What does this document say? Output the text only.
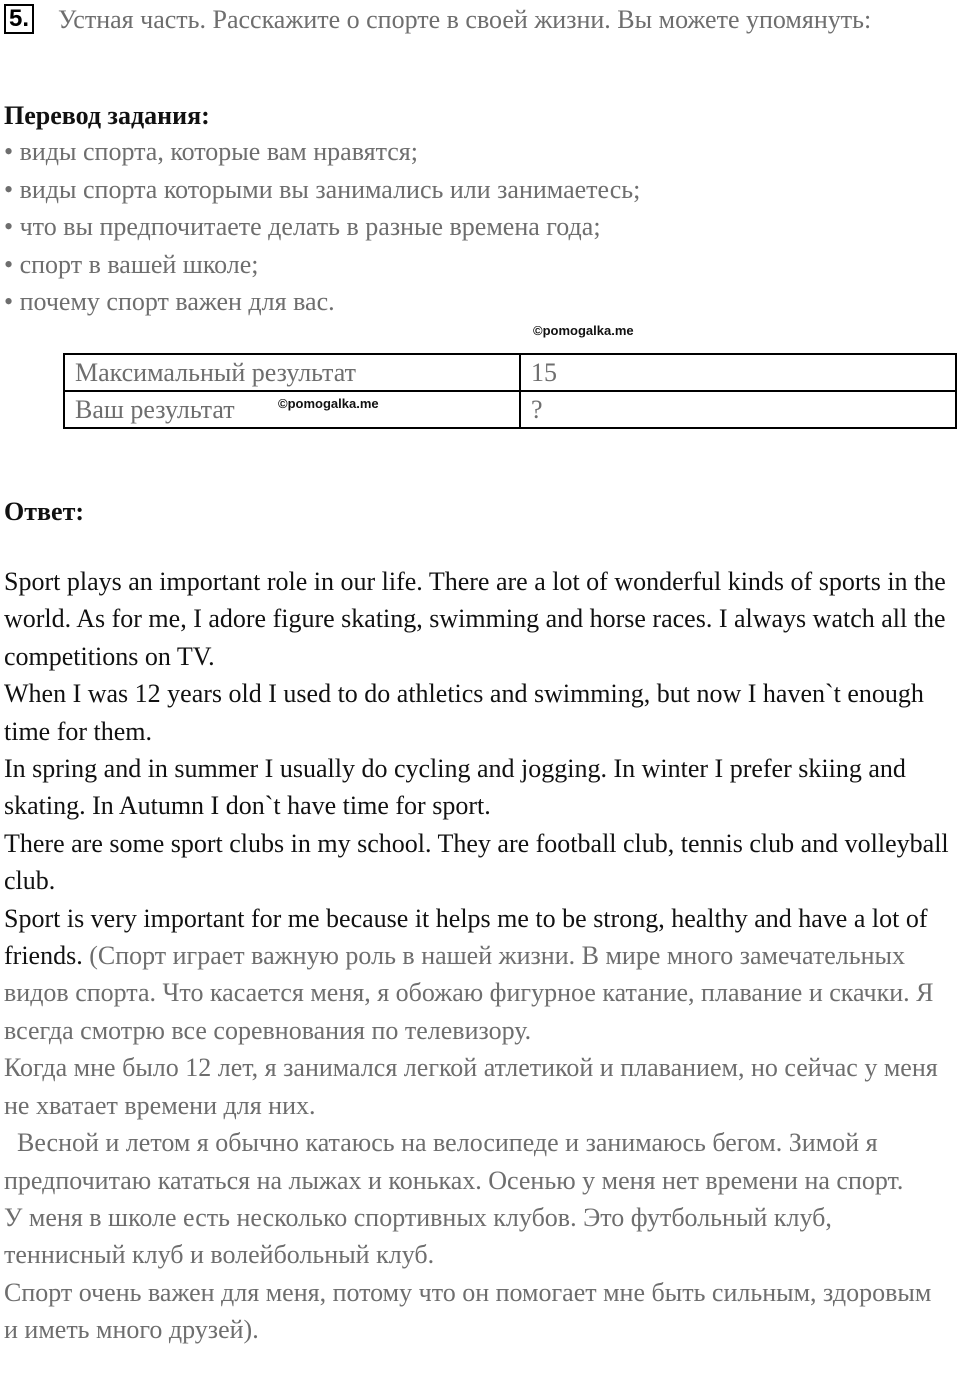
5. Устная часть. Расскажите о спорте в своей жизни. Вы можете упомянуть:
Перевод задания:
• виды спорта, которые вам нравятся;
• виды спорта которыми вы занимались или занимаетесь;
• что вы предпочитаете делать в разные времена года;
• спорт в вашей школе;
• почему спорт важен для вас.
©pomogalka.me
Максимальный результат	15
Ваш результат	?
©pomogalka.me
Ответ:

Sport plays an important role in our life. There are a lot of wonderful kinds of sports in the world. As for me, I adore figure skating, swimming and horse races. I always watch all the competitions on TV.

When I was 12 years old I used to do athletics and swimming, but now I haven`t enough time for them.

In spring and in summer I usually do cycling and jogging. In winter I prefer skiing and skating. In Autumn I don`t have time for sport.

There are some sport clubs in my school. They are football club, tennis club and volleyball club.

Sport is very important for me because it helps me to be strong, healthy and have a lot of friends. (Спорт играет важную роль в нашей жизни. В мире много замечательных видов спорта. Что касается меня, я обожаю фигурное катание, плавание и скачки. Я всегда смотрю все соревнования по телевизору.

Когда мне было 12 лет, я занимался легкой атлетикой и плаванием, но сейчас у меня не хватает времени для них.

Весной и летом я обычно катаюсь на велосипеде и занимаюсь бегом. Зимой я предпочитаю кататься на лыжах и коньках. Осенью у меня нет времени на спорт.

У меня в школе есть несколько спортивных клубов. Это футбольный клуб, теннисный клуб и волейбольный клуб.

Спорт очень важен для меня, потому что он помогает мне быть сильным, здоровым и иметь много друзей).
